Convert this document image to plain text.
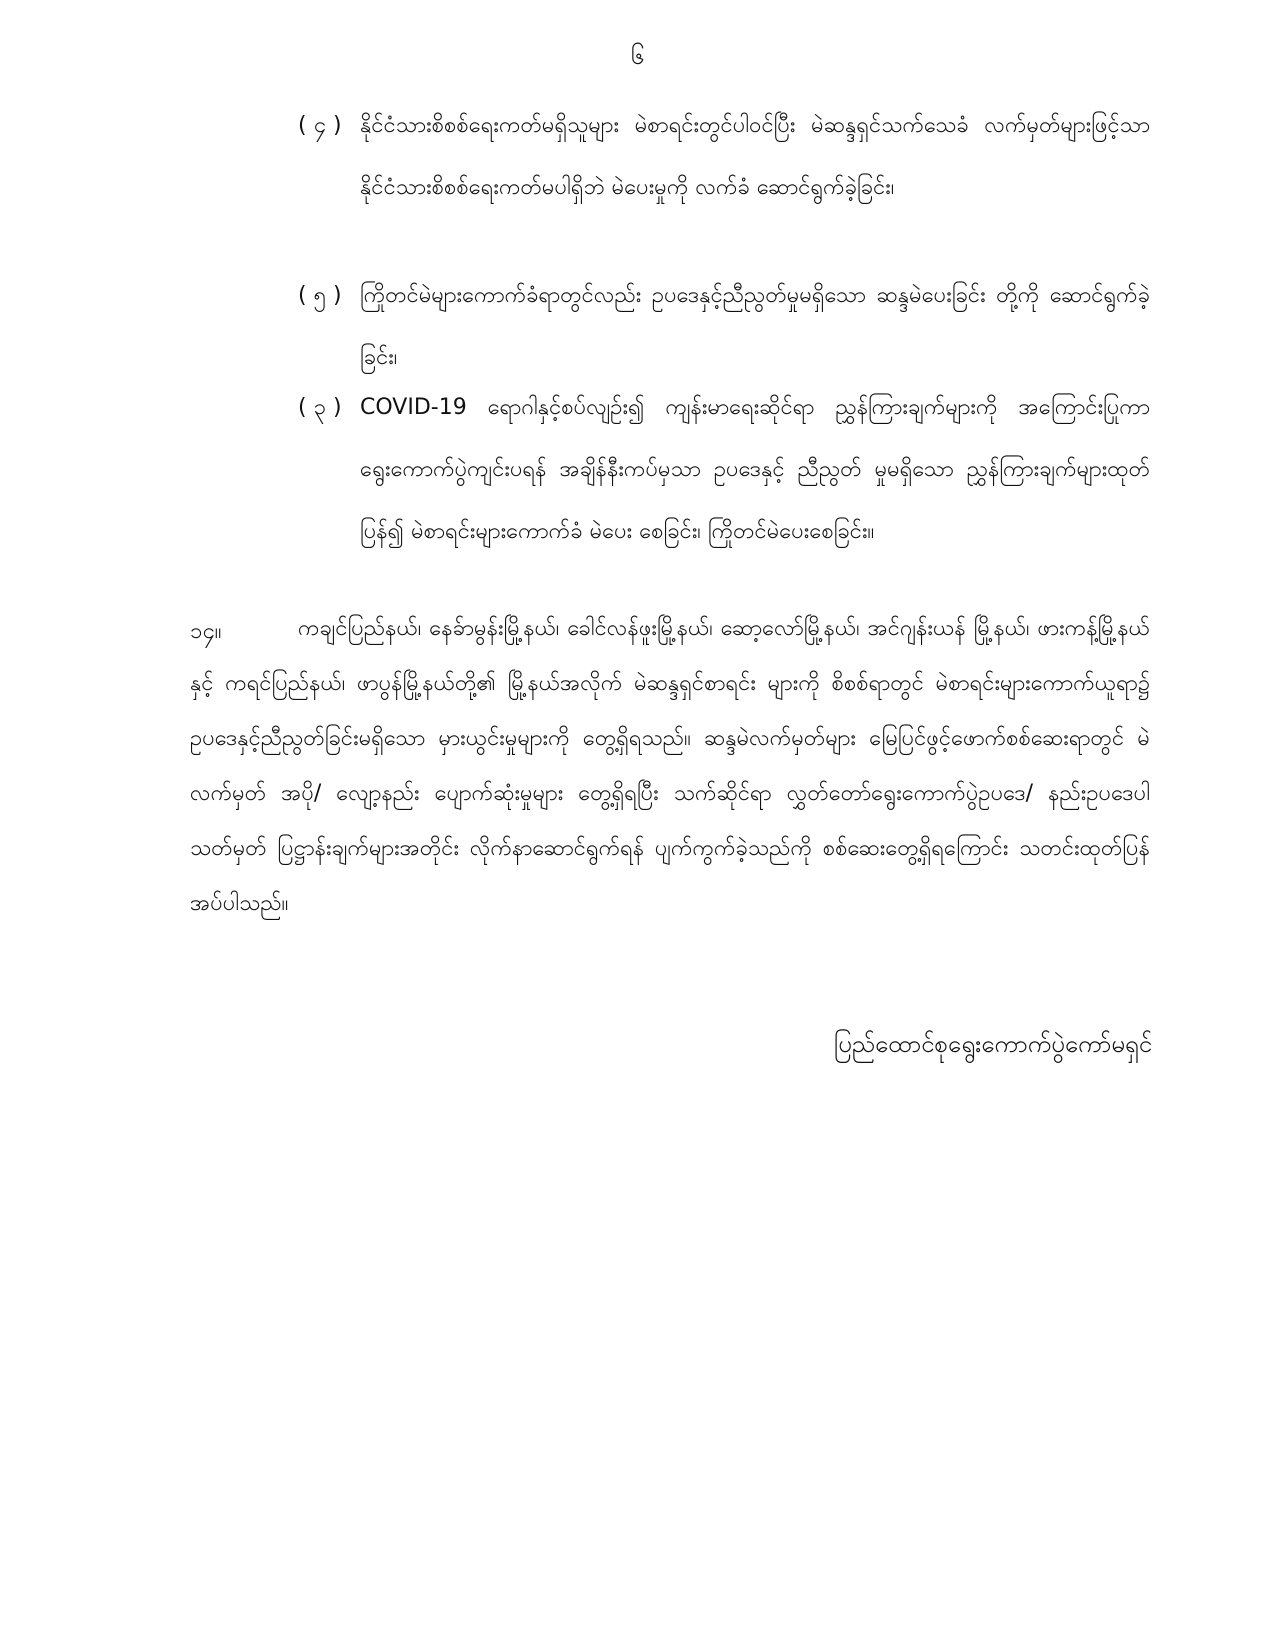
၆
( ၄ ) နိုင်ငံသားစိစစ်ရေးကတ်မရှိသူများ မဲစာရင်းတွင်ပါဝင်ပြီး မဲဆန္ဒရှင်သက်သေခံ လက်မှတ်များဖြင့်သာ နိုင်ငံသားစိစစ်ရေးကတ်မပါရှိဘဲ မဲပေးမှုကို လက်ခံ ဆောင်ရွက်ခဲ့ခြင်း၊
( ၅ ) ကြိုတင်မဲများကောက်ခံရာတွင်လည်း ဥပဒေနှင့်ညီညွတ်မှုမရှိသော ဆန္ဒမဲပေးခြင်း တို့ကို ဆောင်ရွက်ခဲ့ခြင်း၊
( ၃ ) COVID-19 ရောဂါနှင့်စပ်လျဉ်း၍ ကျန်းမာရေးဆိုင်ရာ ညွှန်ကြားချက်များကို အကြောင်းပြုကာ ရွေးကောက်ပွဲကျင်းပရန် အချိန်နီးကပ်မှသာ ဥပဒေနှင့် ညီညွတ် မှုမရှိသော ညွှန်ကြားချက်များထုတ်ပြန်၍ မဲစာရင်းများကောက်ခံ မဲပေး စေခြင်း၊ ကြိုတင်မဲပေးစေခြင်း။
၁၄။	ကချင်ပြည်နယ်၊ နေခ်ာမွန်းမြို့နယ်၊ ခေါင်လန်ဖူးမြို့နယ်၊ ဆော့လော်မြို့နယ်၊ အင်ဂျန်းယန် မြို့နယ်၊ ဖားကန့်မြို့နယ်နှင့် ကရင်ပြည်နယ်၊ ဖာပွန်မြို့နယ်တို့၏ မြို့နယ်အလိုက် မဲဆန္ဒရှင်စာရင်း များကို စိစစ်ရာတွင် မဲစာရင်းများကောက်ယူရာ၌ ဥပဒေနှင့်ညီညွတ်ခြင်းမရှိသော မှားယွင်းမှုများကို တွေ့ရှိရသည်။ ဆန္ဒမဲလက်မှတ်များ မြေပြင်ဖွင့်ဖောက်စစ်ဆေးရာတွင် မဲလက်မှတ် အပို/ လျော့နည်း ပျောက်ဆုံးမှုများ တွေ့ရှိရပြီး သက်ဆိုင်ရာ လွှတ်တော်ရွေးကောက်ပွဲဥပဒေ/ နည်းဥပဒေပါ သတ်မှတ် ပြဋ္ဌာန်းချက်များအတိုင်း လိုက်နာဆောင်ရွက်ရန် ပျက်ကွက်ခဲ့သည်ကို စစ်ဆေးတွေ့ရှိရကြောင်း သတင်းထုတ်ပြန်အပ်ပါသည်။
ပြည်ထောင်စုရွေးကောက်ပွဲကော်မရှင်
